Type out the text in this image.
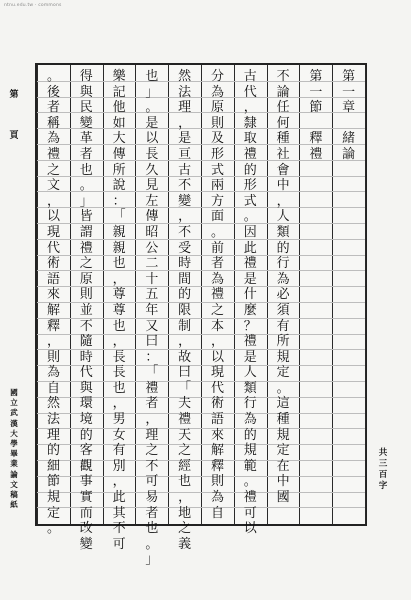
ntnu.edu.tw · commons
第
頁
國
立
武
漢
大
學
畢
業
論
文
稿
紙
共
三
百
字
第
一
章
緒
論
第
一
節
釋
禮
不
論
任
何
種
社
會
中
，
人
類
的
行
為
必
須
有
所
規
定
。
這
種
規
定
在
中
國
古
代
，
隸
取
禮
的
形
式
。
因
此
禮
是
什
麼
？
禮
是
人
類
行
為
的
規
範
。
禮
可
以
分
為
原
則
及
形
式
兩
方
面
。
前
者
為
禮
之
本
，
以
現
代
術
語
來
解
釋
則
為
自
然
法
理
，
是
亘
古
不
變
，
不
受
時
間
的
限
制
，
故
曰
「
夫
禮
天
之
經
也
，
地
之
義
也
」
。
是
以
長
久
見
左
傳
昭
公
二
十
五
年
又
曰
：
「
禮
者
，
理
之
不
可
易
者
也
。
」
樂
記
他
如
大
傳
所
說
：
「
親
親
也
，
尊
尊
也
，
長
長
也
，
男
女
有
別
，
此
其
不
可
得
與
民
變
革
者
也
。
」
皆
謂
禮
之
原
則
並
不
隨
時
代
與
環
境
的
客
觀
事
實
而
改
變
。
後
者
稱
為
禮
之
文
，
以
現
代
術
語
來
解
釋
，
則
為
自
然
法
理
的
細
節
規
定
。
